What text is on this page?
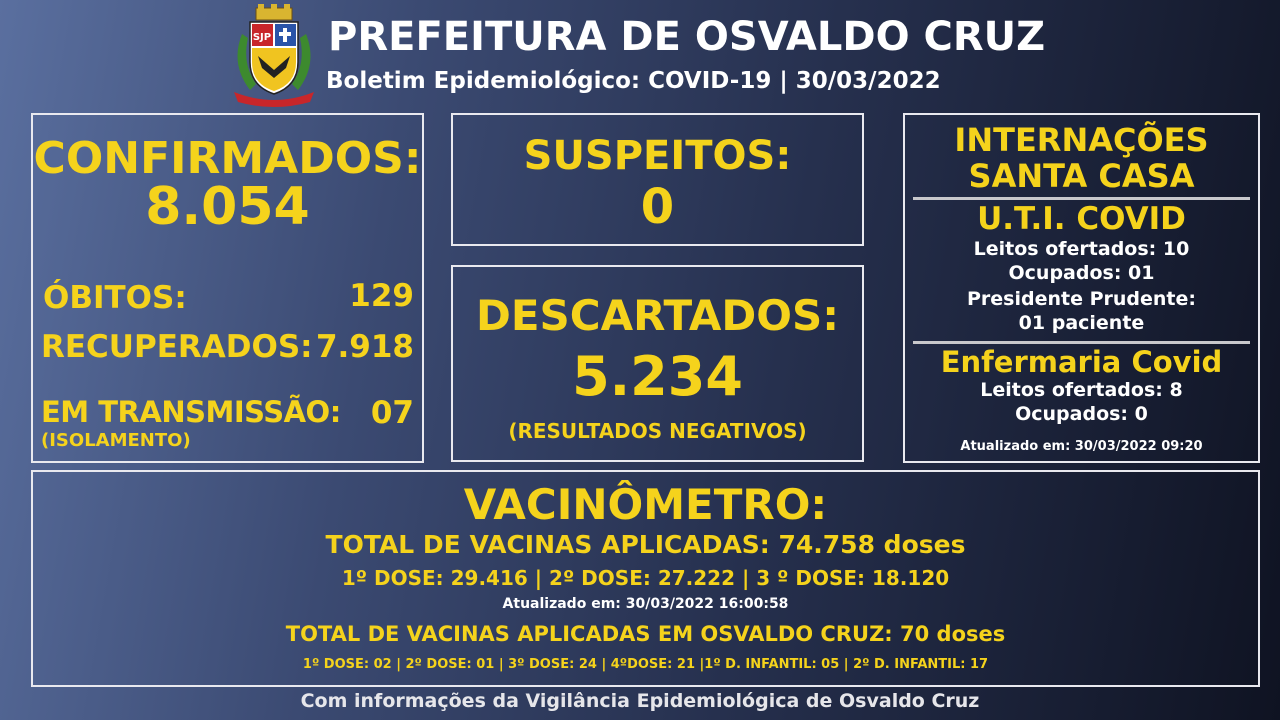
SJP PREFEITURA DE OSVALDO CRUZ
Boletim Epidemiológico: COVID-19 | 30/03/2022
CONFIRMADOS:
8.054
ÓBITOS:	129
RECUPERADOS: 7.918
EM TRANSMISSÃO: 07
(ISOLAMENTO)
SUSPEITOS:
0
DESCARTADOS:
5.234
(RESULTADOS NEGATIVOS)
INTERNAÇÕES
SANTA CASA
U.T.I. COVID
Leitos ofertados: 10
Ocupados: 01
Presidente Prudente:
01 paciente
Enfermaria Covid
Leitos ofertados: 8
Ocupados: 0
Atualizado em: 30/03/2022 09:20
VACINÔMETRO:
TOTAL DE VACINAS APLICADAS: 74.758 doses
1º DOSE: 29.416 | 2º DOSE: 27.222 | 3 º DOSE: 18.120
Atualizado em: 30/03/2022 16:00:58
TOTAL DE VACINAS APLICADAS EM OSVALDO CRUZ: 70 doses
1º DOSE: 02 | 2º DOSE: 01 | 3º DOSE: 24 | 4ºDOSE: 21 |1º D. INFANTIL: 05 | 2º D. INFANTIL: 17
Com informações da Vigilância Epidemiológica de Osvaldo Cruz
